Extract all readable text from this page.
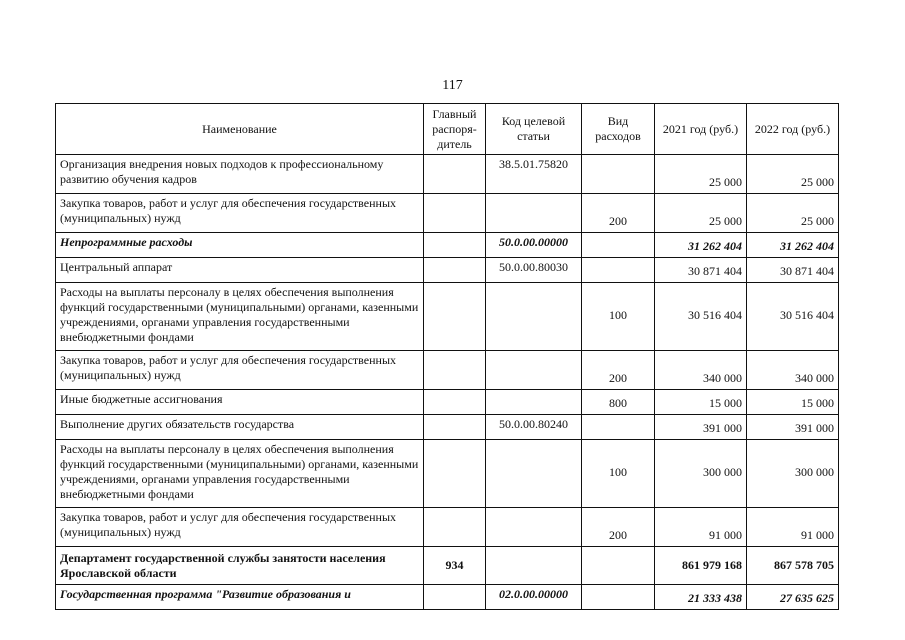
117
Наименование	Главный распоря-дитель	Код целевой статьи	Вид расходов	2021 год (руб.)	2022 год (руб.)
Организация внедрения новых подходов к профессиональному развитию обучения кадров		38.5.01.75820		25 000	25 000
Закупка товаров, работ и услуг для обеспечения государственных (муниципальных) нужд			200	25 000	25 000
Непрограммные расходы		50.0.00.00000		31 262 404	31 262 404
Центральный аппарат		50.0.00.80030		30 871 404	30 871 404
Расходы на выплаты персоналу в целях обеспечения выполнения функций государственными (муниципальными) органами, казенными учреждениями, органами управления государственными внебюджетными фондами			100	30 516 404	30 516 404
Закупка товаров, работ и услуг для обеспечения государственных (муниципальных) нужд			200	340 000	340 000
Иные бюджетные ассигнования			800	15 000	15 000
Выполнение других обязательств государства		50.0.00.80240		391 000	391 000
Расходы на выплаты персоналу в целях обеспечения выполнения функций государственными (муниципальными) органами, казенными учреждениями, органами управления государственными внебюджетными фондами			100	300 000	300 000
Закупка товаров, работ и услуг для обеспечения государственных (муниципальных) нужд			200	91 000	91 000
Департамент государственной службы занятости населения Ярославской области	934			861 979 168	867 578 705
Государственная программа "Развитие образования и		02.0.00.00000		21 333 438	27 635 625
